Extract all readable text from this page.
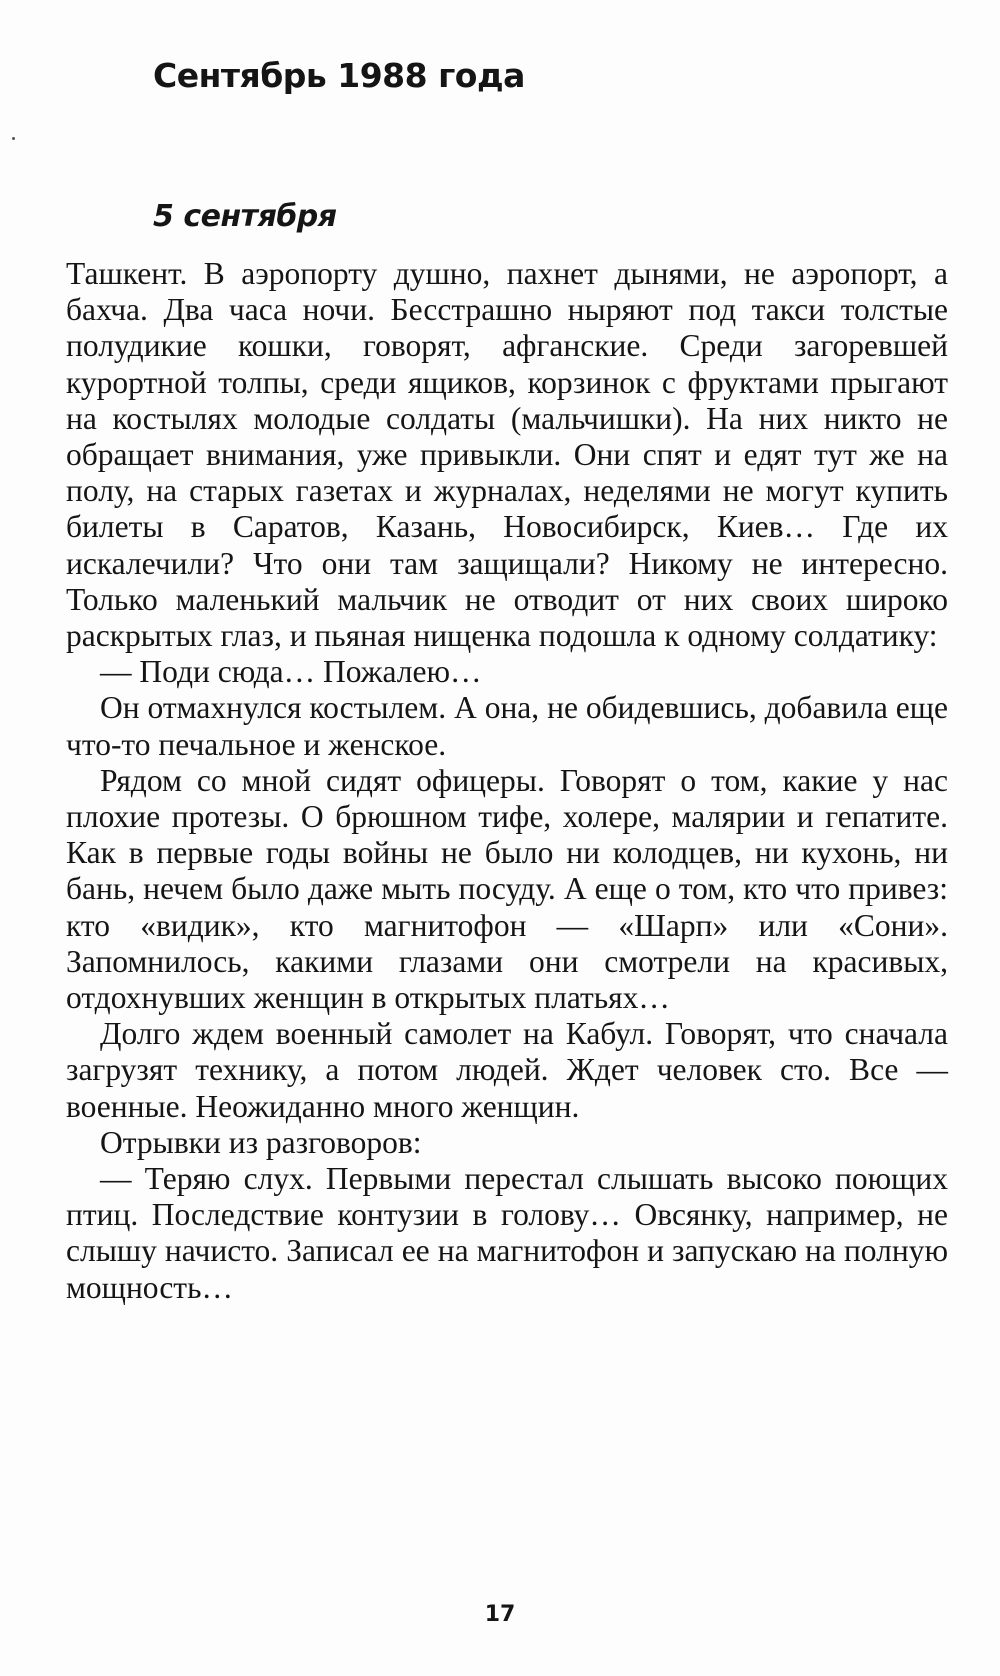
Сентябрь 1988 года
5 сентября

Ташкент. В аэропорту душно, пахнет дынями, не аэропорт, а бахча. Два часа ночи. Бесстрашно ныряют под такси толстые полудикие кошки, говорят, афганские. Среди загоревшей курортной толпы, среди ящиков, корзинок с фруктами прыгают на костылях молодые солдаты (мальчишки). На них никто не обращает внимания, уже привыкли. Они спят и едят тут же на полу, на старых газетах и журналах, неделями не могут купить билеты в Саратов, Казань, Новосибирск, Киев… Где их искалечили? Что они там защищали? Никому не интересно. Только маленький мальчик не отводит от них своих широко раскрытых глаз, и пьяная нищенка подошла к одному солдатику:

— Поди сюда… Пожалею…

Он отмахнулся костылем. А она, не обидевшись, добавила еще что-то печальное и женское.

Рядом со мной сидят офицеры. Говорят о том, какие у нас плохие протезы. О брюшном тифе, холере, малярии и гепатите. Как в первые годы войны не было ни колодцев, ни кухонь, ни бань, нечем было даже мыть посуду. А еще о том, кто что привез: кто «видик», кто магнитофон — «Шарп» или «Сони». Запомнилось, какими глазами они смотрели на красивых, отдохнувших женщин в открытых платьях…

Долго ждем военный самолет на Кабул. Говорят, что сначала загрузят технику, а потом людей. Ждет человек сто. Все — военные. Неожиданно много женщин.

Отрывки из разговоров:

— Теряю слух. Первыми перестал слышать высоко поющих птиц. Последствие контузии в голову… Овсянку, например, не слышу начисто. Записал ее на магнитофон и запускаю на полную мощность…

17
